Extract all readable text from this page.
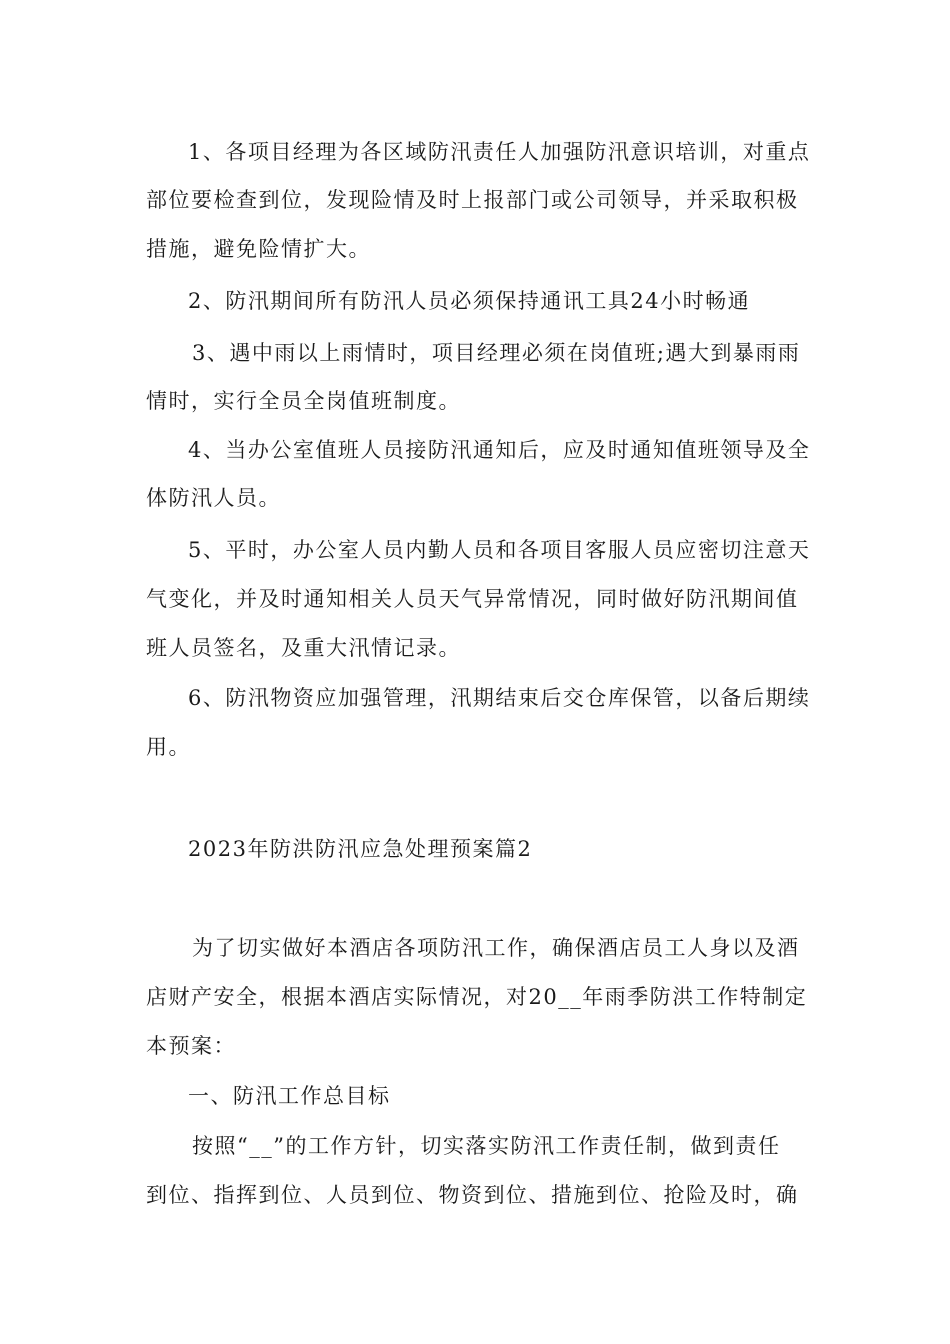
1、各项目经理为各区域防汛责任人加强防汛意识培训，对重点
部位要检查到位，发现险情及时上报部门或公司领导，并采取积极
措施，避免险情扩大。
2、防汛期间所有防汛人员必须保持通讯工具24小时畅通
3、遇中雨以上雨情时，项目经理必须在岗值班;遇大到暴雨雨
情时，实行全员全岗值班制度。
4、当办公室值班人员接防汛通知后，应及时通知值班领导及全
体防汛人员。
5、平时，办公室人员内勤人员和各项目客服人员应密切注意天
气变化，并及时通知相关人员天气异常情况，同时做好防汛期间值
班人员签名，及重大汛情记录。
6、防汛物资应加强管理，汛期结束后交仓库保管，以备后期续
用。
2023年防洪防汛应急处理预案篇2
为了切实做好本酒店各项防汛工作，确保酒店员工人身以及酒
店财产安全，根据本酒店实际情况，对20__年雨季防洪工作特制定
本预案：
一、防汛工作总目标
按照“__”的工作方针，切实落实防汛工作责任制，做到责任
到位、指挥到位、人员到位、物资到位、措施到位、抢险及时，确
